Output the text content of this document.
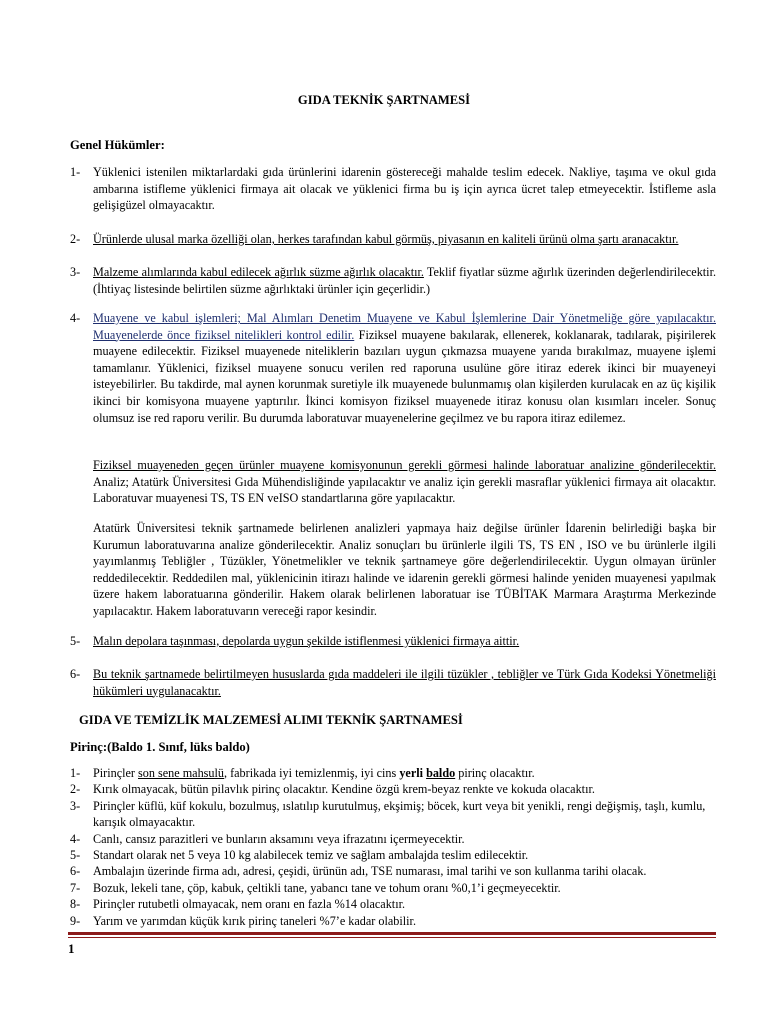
GIDA TEKNİK ŞARTNAMESİ
Genel Hükümler:
1-	Yüklenici istenilen miktarlardaki gıda ürünlerini idarenin göstereceği mahalde teslim edecek. Nakliye, taşıma ve okul gıda ambarına istifleme yüklenici firmaya ait olacak ve yüklenici firma bu iş için ayrıca ücret talep etmeyecektir. İstifleme asla gelişigüzel olmayacaktır.
2-	Ürünlerde ulusal marka özelliği olan, herkes tarafından kabul görmüş, piyasanın en kaliteli ürünü olma şartı aranacaktır.
3-	Malzeme alımlarında kabul edilecek ağırlık süzme ağırlık olacaktır. Teklif fiyatlar süzme ağırlık üzerinden değerlendirilecektir.(İhtiyaç listesinde belirtilen süzme ağırlıktaki ürünler için geçerlidir.)
4-	Muayene ve kabul işlemleri; Mal Alımları Denetim Muayene ve Kabul İşlemlerine Dair Yönetmeliğe göre yapılacaktır. Muayenelerde önce fiziksel nitelikleri kontrol edilir. Fiziksel muayene bakılarak, ellenerek, koklanarak, tadılarak, pişirilerek muayene edilecektir. Fiziksel muayenede niteliklerin bazıları uygun çıkmazsa muayene yarıda bırakılmaz, muayene işlemi tamamlanır. Yüklenici, fiziksel muayene sonucu verilen red raporuna usulüne göre itiraz ederek ikinci bir muayeneyi isteyebilirler. Bu takdirde, mal aynen korunmak suretiyle ilk muayenede bulunmamış olan kişilerden kurulacak en az üç kişilik ikinci bir komisyona muayene yaptırılır. İkinci komisyon fiziksel muayenede itiraz konusu olan kısımları inceler. Sonuç olumsuz ise red raporu verilir. Bu durumda laboratuvar muayenelerine geçilmez ve bu rapora itiraz edilemez.
Fiziksel muayeneden geçen ürünler muayene komisyonunun gerekli görmesi halinde laboratuar analizine gönderilecektir. Analiz; Atatürk Üniversitesi Gıda Mühendisliğinde yapılacaktır ve analiz için gerekli masraflar yüklenici firmaya ait olacaktır. Laboratuvar muayenesi TS, TS EN veISO standartlarına göre yapılacaktır.
Atatürk Üniversitesi teknik şartnamede belirlenen analizleri yapmaya haiz değilse ürünler İdarenin belirlediği başka bir Kurumun laboratuvarına analize gönderilecektir. Analiz sonuçları bu ürünlerle ilgili TS, TS EN , ISO ve bu ürünlerle ilgili yayımlanmış Tebliğler , Tüzükler, Yönetmelikler ve teknik şartnameye göre değerlendirilecektir. Uygun olmayan ürünler reddedilecektir. Reddedilen mal, yüklenicinin itirazı halinde ve idarenin gerekli görmesi halinde yeniden muayenesi yapılmak üzere hakem laboratuarına gönderilir. Hakem olarak belirlenen laboratuar ise TÜBİTAK Marmara Araştırma Merkezinde yapılacaktır. Hakem laboratuvarın vereceği rapor kesindir.
5-	Malın depolara taşınması, depolarda uygun şekilde istiflenmesi yüklenici firmaya aittir.
6-	Bu teknik şartnamede belirtilmeyen hususlarda gıda maddeleri ile ilgili tüzükler , tebliğler ve Türk Gıda Kodeksi Yönetmeliği hükümleri uygulanacaktır.
GIDA VE TEMİZLİK MALZEMESİ ALIMI TEKNİK ŞARTNAMESİ
Pirinç:(Baldo 1. Sınıf, lüks baldo)
1- Pirinçler son sene mahsulü, fabrikada iyi temizlenmiş, iyi cins yerli baldo pirinç olacaktır.
2- Kırık olmayacak, bütün pilavlık pirinç olacaktır. Kendine özgü krem-beyaz renkte ve kokuda olacaktır.
3- Pirinçler küflü, küf kokulu, bozulmuş, ıslatılıp kurutulmuş, ekşimiş; böcek, kurt veya bit yenikli, rengi değişmiş, taşlı, kumlu, karışık olmayacaktır.
4- Canlı, cansız parazitleri ve bunların aksamını veya ifrazatını içermeyecektir.
5- Standart olarak net 5 veya 10 kg alabilecek temiz ve sağlam ambalajda teslim edilecektir.
6- Ambalajın üzerinde firma adı, adresi, çeşidi, ürünün adı, TSE numarası, imal tarihi ve son kullanma tarihi olacak.
7- Bozuk, lekeli tane, çöp, kabuk, çeltikli tane, yabancı tane ve tohum oranı %0,1’i geçmeyecektir.
8- Pirinçler rutubetli olmayacak, nem oranı en fazla %14 olacaktır.
9- Yarım ve yarımdan küçük kırık pirinç taneleri %7’e kadar olabilir.
1
